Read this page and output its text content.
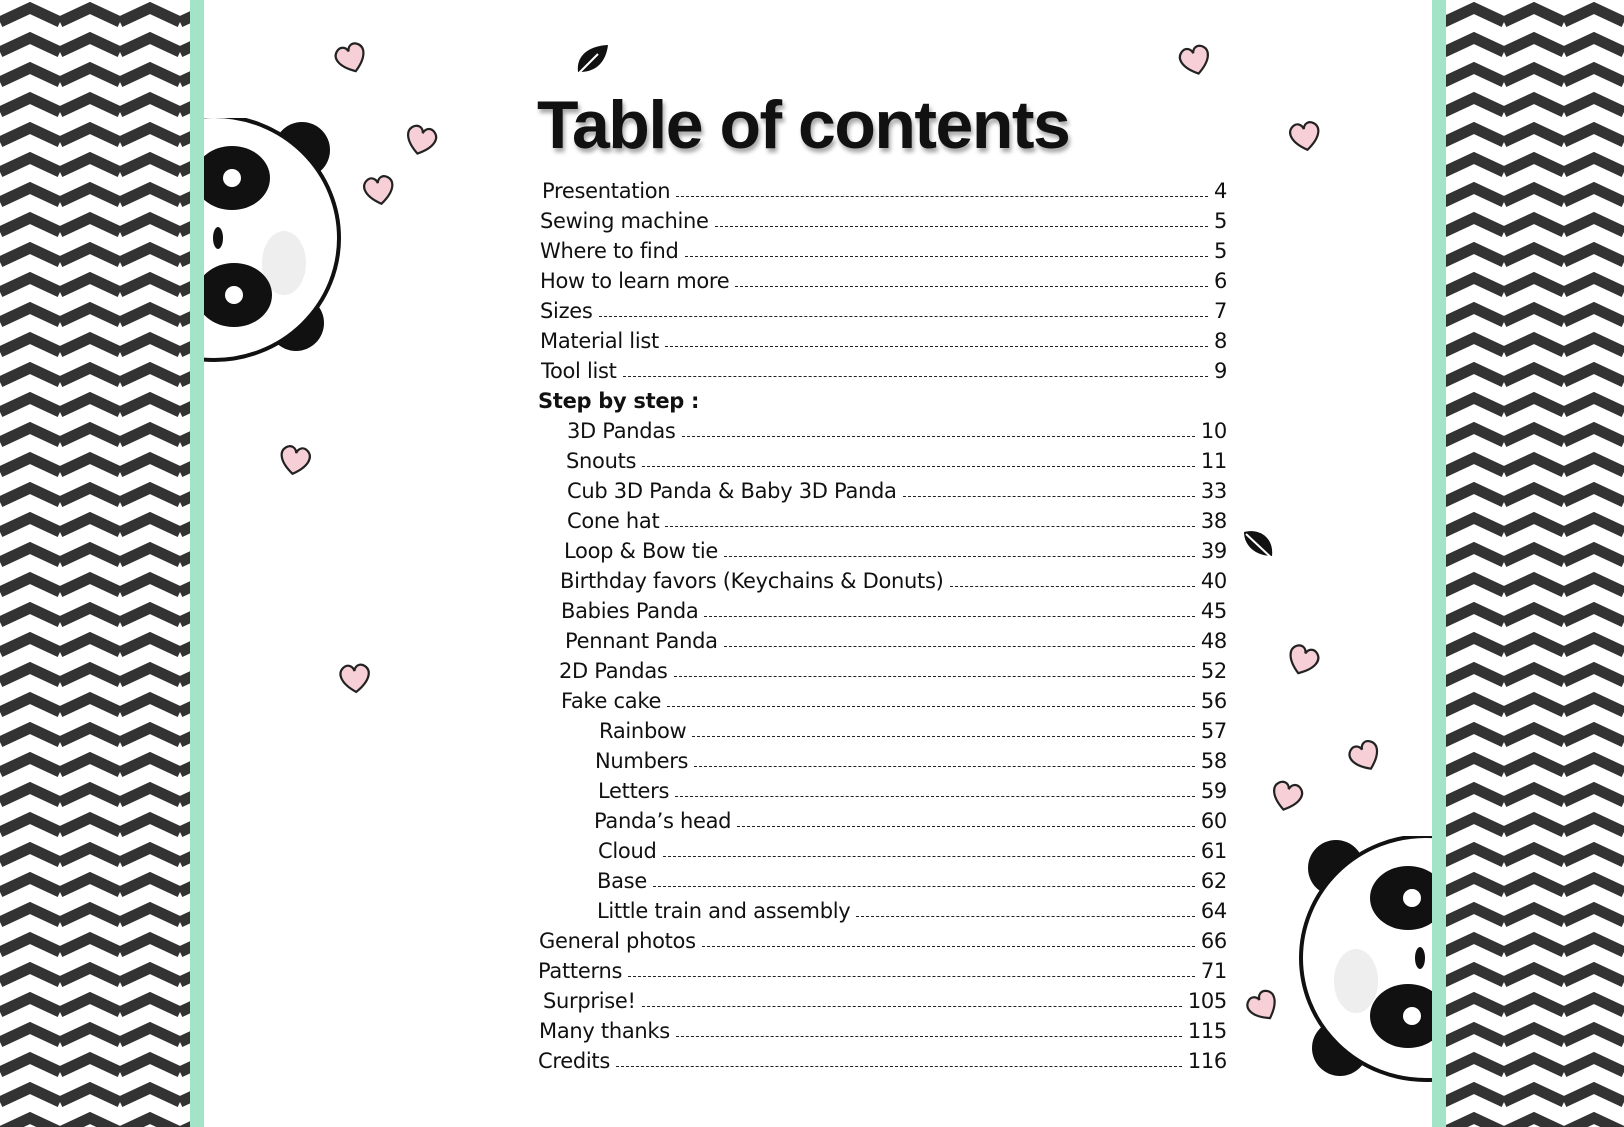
Table of contents
Presentation	4
Sewing machine	5
Where to find	5
How to learn more	6
Sizes	7
Material list	8
Tool list	9
Step by step :
3D Pandas	10
Snouts	11
Cub 3D Panda & Baby 3D Panda	33
Cone hat	38
Loop & Bow tie	39
Birthday favors (Keychains & Donuts)	40
Babies Panda	45
Pennant Panda	48
2D Pandas	52
Fake cake	56
Rainbow	57
Numbers	58
Letters	59
Panda’s head	60
Cloud	61
Base	62
Little train and assembly	64
General photos	66
Patterns	71
Surprise!	105
Many thanks	115
Credits	116
